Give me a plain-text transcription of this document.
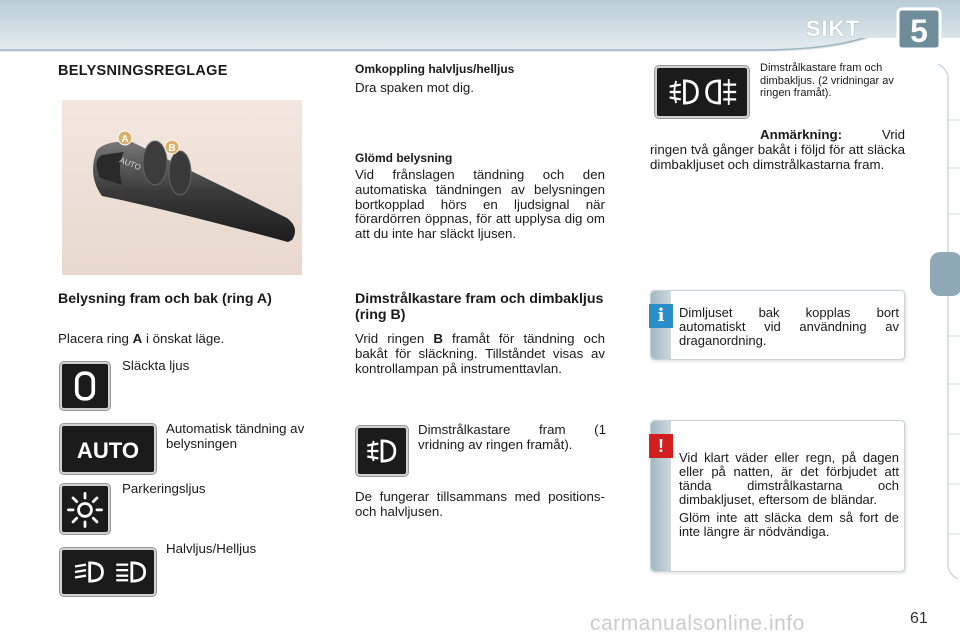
SIKT 5
BELYSNINGSREGLAGE
AUTO
A
B
Belysning fram och bak (ring A)
Placera ring A i önskat läge.
Släckta ljus
AUTO
Automatisk tändning av belysningen
Parkeringsljus
Halvljus/Helljus
Omkoppling halvljus/helljus
Dra spaken mot dig.
Glömd belysning

Vid frånslagen tändning och den automatiska tändningen av belysningen bortkopplad hörs en ljudsignal när förardörren öppnas, för att upplysa dig om att du inte har släckt ljusen.

Dimstrålkastare fram och dimbakljus (ring B)

Vrid ringen B framåt för tändning och bakåt för släckning. Tillståndet visas av kontrollampan på instrumenttavlan.

Dimstrålkastare fram (1 vridning av ringen framåt).

De fungerar tillsammans med positions- och halvljusen.

Dimstrålkastare fram och dimbakljus. (2 vridningar av ringen framåt).

Anmärkning: Vrid ringen två gånger bakåt i följd för att släcka dimbakljuset och dimstrålkastarna fram.

i	Dimljuset bak kopplas bort automatiskt vid användning av draganordning.
!

Vid klart väder eller regn, på dagen eller på natten, är det förbjudet att tända dimstrålkastarna och dimbakljuset, eftersom de bländar.

Glöm inte att släcka dem så fort de inte längre är nödvändiga.

carmanualsonline.info	61
